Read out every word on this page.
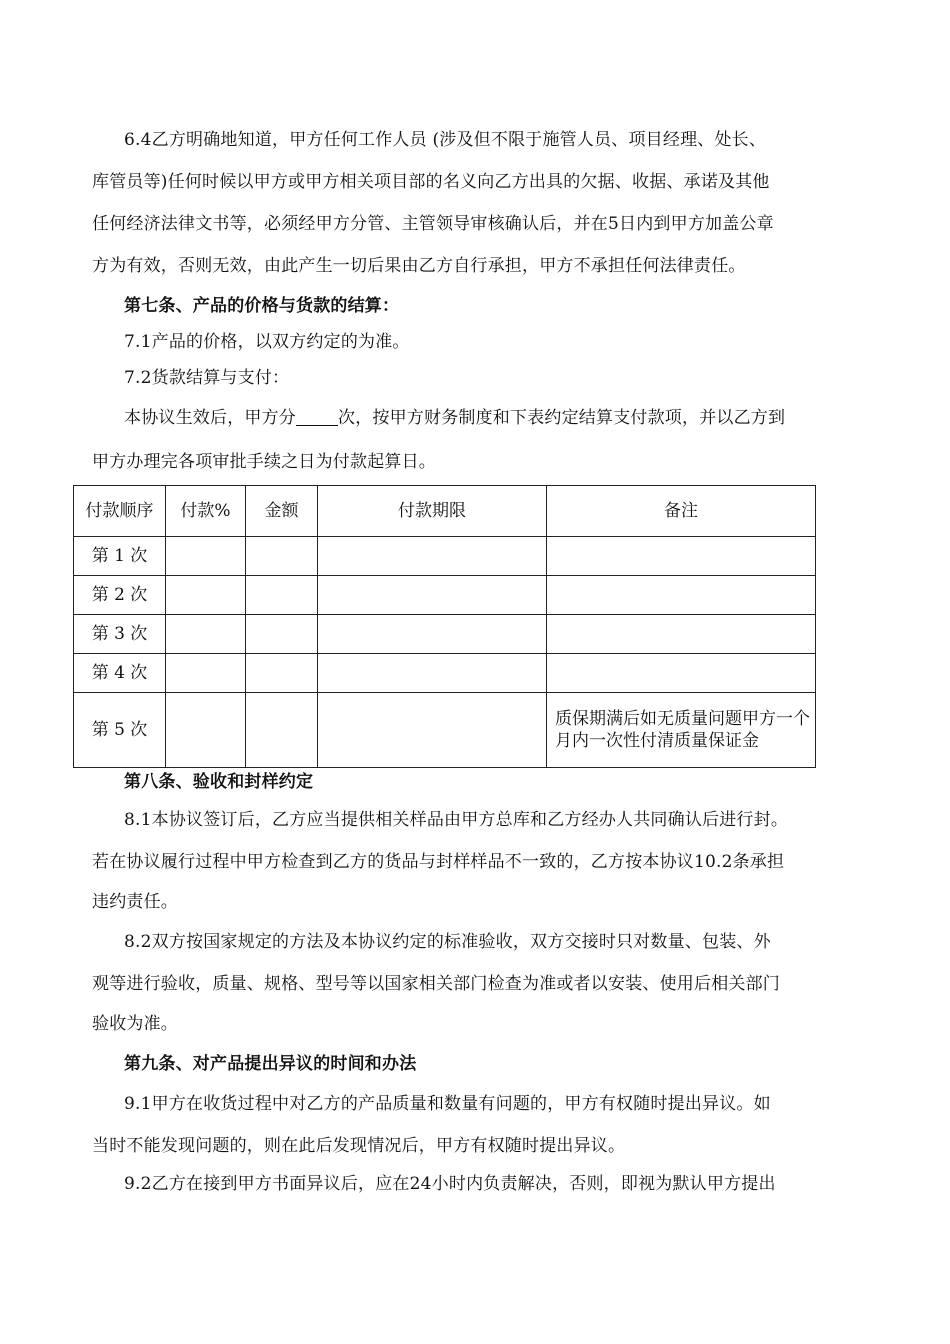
6.4乙方明确地知道，甲方任何工作人员 (涉及但不限于施管人员、项目经理、处长、
库管员等)任何时候以甲方或甲方相关项目部的名义向乙方出具的欠据、收据、承诺及其他
任何经济法律文书等，必须经甲方分管、主管领导审核确认后，并在5日内到甲方加盖公章
方为有效，否则无效，由此产生一切后果由乙方自行承担，甲方不承担任何法律责任。
第七条、产品的价格与货款的结算：
7.1产品的价格，以双方约定的为准。
7.2货款结算与支付：
本协议生效后，甲方分 次，按甲方财务制度和下表约定结算支付款项，并以乙方到
甲方办理完各项审批手续之日为付款起算日。
付款顺序	付款%	金额	付款期限	备注
第 1 次				
第 2 次				
第 3 次				
第 4 次				
第 5 次				质保期满后如无质量问题甲方一个月内一次性付清质量保证金
第八条、验收和封样约定
8.1本协议签订后，乙方应当提供相关样品由甲方总库和乙方经办人共同确认后进行封。
若在协议履行过程中甲方检查到乙方的货品与封样样品不一致的，乙方按本协议10.2条承担
违约责任。
8.2双方按国家规定的方法及本协议约定的标准验收，双方交接时只对数量、包装、外
观等进行验收，质量、规格、型号等以国家相关部门检查为准或者以安装、使用后相关部门
验收为准。
第九条、对产品提出异议的时间和办法
9.1甲方在收货过程中对乙方的产品质量和数量有问题的，甲方有权随时提出异议。如
当时不能发现问题的，则在此后发现情况后，甲方有权随时提出异议。
9.2乙方在接到甲方书面异议后，应在24小时内负责解决，否则，即视为默认甲方提出
